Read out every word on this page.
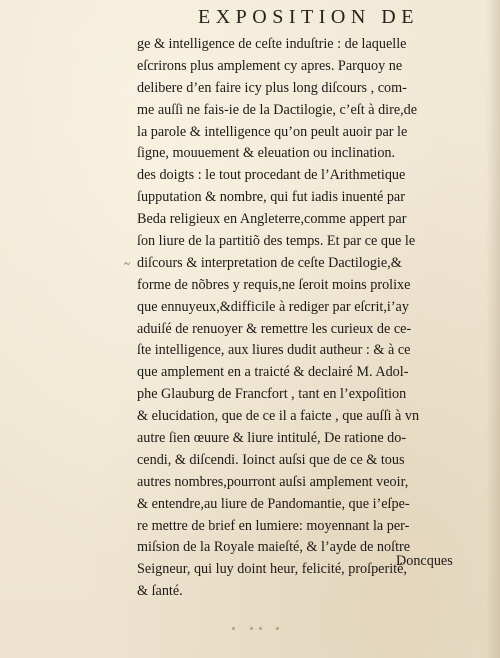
EXPOSITION DE
~
ge & intelligence de ceſte induſtrie : de laquelle
eſcrirons plus amplement cy apres. Parquoy ne
delibere d’en faire icy plus long diſcours , com-
me auſſi ne fais-ie de la Dactilogie, c’eſt à dire,de
la parole & intelligence qu’on peult auoir par le
ſigne, mouuement & eleuation ou inclination.
des doigts : le tout procedant de l’Arithmetique
ſupputation & nombre, qui fut iadis inuenté par
Beda religieux en Angleterre,comme appert par
ſon liure de la partitiõ des temps. Et par ce que le
diſcours & interpretation de ceſte Dactilogie,&
forme de nõbres y requis,ne ſeroit moins prolixe
que ennuyeux,&difficile à rediger par eſcrit,i’ay
aduiſé de renuoyer & remettre les curieux de ce-
ſte intelligence, aux liures dudit autheur : & à ce
que amplement en a traicté & declairé M. Adol-
phe Glauburg de Francfort , tant en l’expoſition
& elucidation, que de ce il a faicte , que auſſi à vn
autre ſien œuure & liure intitulé, De ratione do-
cendi, & diſcendi. Ioinct auſsi que de ce & tous
autres nombres,pourront auſsi amplement veoir,
& entendre,au liure de Pandomantie, que i’eſpe-
re mettre de brief en lumiere: moyennant la per-
miſsion de la Royale maieſté, & l’ayde de noſtre
Seigneur, qui luy doint heur, felicité, proſperité,
& ſanté.
Doncques
